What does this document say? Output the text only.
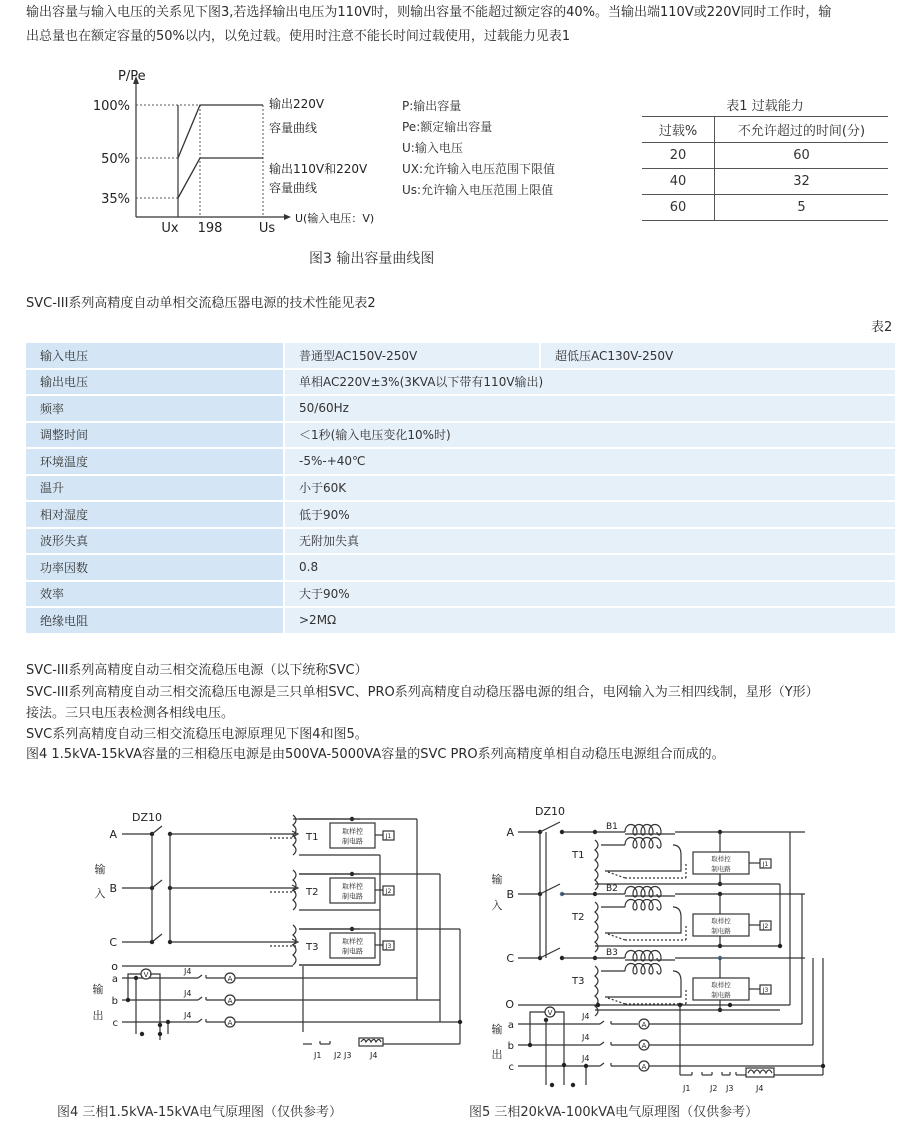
输出容量与输入电压的关系见下图3,若选择输出电压为110V时，则输出容量不能超过额定容的40%。当输出端110V或220V同时工作时，输
出总量也在额定容量的50%以内，以免过载。使用时注意不能长时间过载使用，过载能力见表1
P/Pe
U(输入电压：V)
100%
50%
35%
Ux 198	Us
输出220V
容量曲线
输出110V和220V
容量曲线
图3 输出容量曲线图
P:输出容量
Pe:额定输出容量
U:输入电压
UX:允许输入电压范围下限值
Us:允许输入电压范围上限值
表1 过载能力
过载%	不允许超过的时间(分)
20	60
40	32
60	5
SVC-III系列高精度自动单相交流稳压器电源的技术性能见表2
表2
输入电压	普通型AC150V-250V	超低压AC130V-250V
输出电压	单相AC220V±3%(3KVA以下带有110V输出)	
频率	50/60Hz	
调整时间	＜1秒(输入电压变化10%时)	
环境温度	-5%-+40℃	
温升	小于60K	
相对湿度	低于90%	
波形失真	无附加失真	
功率因数	0.8	
效率	大于90%	
绝缘电阻	>2MΩ	
SVC-III系列高精度自动三相交流稳压电源（以下统称SVC）
SVC-III系列高精度自动三相交流稳压电源是三只单相SVC、PRO系列高精度自动稳压器电源的组合，电网输入为三相四线制，星形（Y形）
接法。三只电压表检测各相线电压。
SVC系列高精度自动三相交流稳压电源原理见下图4和图5。
图4 1.5kVA-15kVA容量的三相稳压电源是由500VA-5000VA容量的SVC PRO系列高精度单相自动稳压电源组合而成的。
DZ10
A
B
C
输
入
T1
取样控
制电路
J1
T2
取样控
制电路
J2
T3
取样控
制电路
J3
o
a
J4
A
b
J4
A
c
J4
A
输
出
V
J1 J2 J3 J4
图4 三相1.5kVA-15kVA电气原理图（仅供参考）
DZ10
A	B1
T1	取样控
制电路
J1
B	B2
T2	取样控
制电路
J2
C	B3
T3	取样控
制电路
J3
输
入
O
a
J4
A
b
J4
A
c
J4
A
输
出
V
J1 J2 J3	J4
图5 三相20kVA-100kVA电气原理图（仅供参考）
